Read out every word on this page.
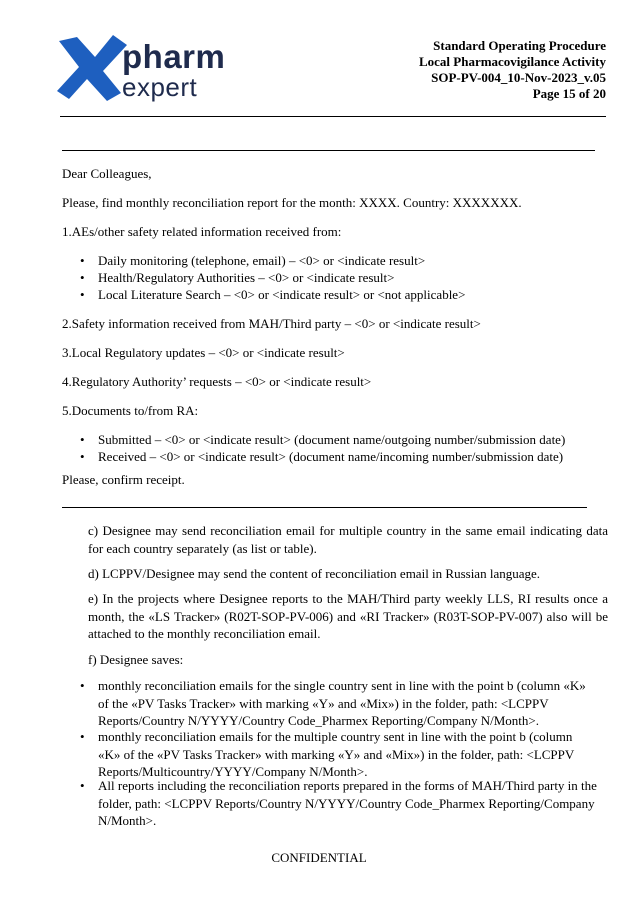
pharm
expert
Standard Operating Procedure
Local Pharmacovigilance Activity
SOP-PV-004_10-Nov-2023_v.05
Page 15 of 20
Dear Colleagues,
Please, find monthly reconciliation report for the month: XXXX. Country: XXXXXXX.
1.AEs/other safety related information received from:
• Daily monitoring (telephone, email) – <0> or <indicate result>
• Health/Regulatory Authorities – <0> or <indicate result>
• Local Literature Search – <0> or <indicate result> or <not applicable>
2.Safety information received from MAH/Third party – <0> or <indicate result>
3.Local Regulatory updates – <0> or <indicate result>
4.Regulatory Authority’ requests – <0> or <indicate result>
5.Documents to/from RA:
• Submitted – <0> or <indicate result> (document name/outgoing number/submission date)
• Received – <0> or <indicate result> (document name/incoming number/submission date)
Please, confirm receipt.
c) Designee may send reconciliation email for multiple country in the same email indicating data for each country separately (as list or table).
d) LCPPV/Designee may send the content of reconciliation email in Russian language.
e) In the projects where Designee reports to the MAH/Third party weekly LLS, RI results once a month, the «LS Tracker» (R02T-SOP-PV-006) and «RI Tracker» (R03T-SOP-PV-007) also will be attached to the monthly reconciliation email.
f) Designee saves:
• monthly reconciliation emails for the single country sent in line with the point b (column «K» of the «PV Tasks Tracker» with marking «Y» and «Mix») in the folder, path: <LCPPV Reports/Country N/YYYY/Country Code_Pharmex Reporting/Company N/Month>.
• monthly reconciliation emails for the multiple country sent in line with the point b (column «K» of the «PV Tasks Tracker» with marking «Y» and «Mix») in the folder, path: <LCPPV Reports/Multicountry/YYYY/Company N/Month>.
• All reports including the reconciliation reports prepared in the forms of MAH/Third party in the folder, path: <LCPPV Reports/Country N/YYYY/Country Code_Pharmex Reporting/Company N/Month>.
CONFIDENTIAL
